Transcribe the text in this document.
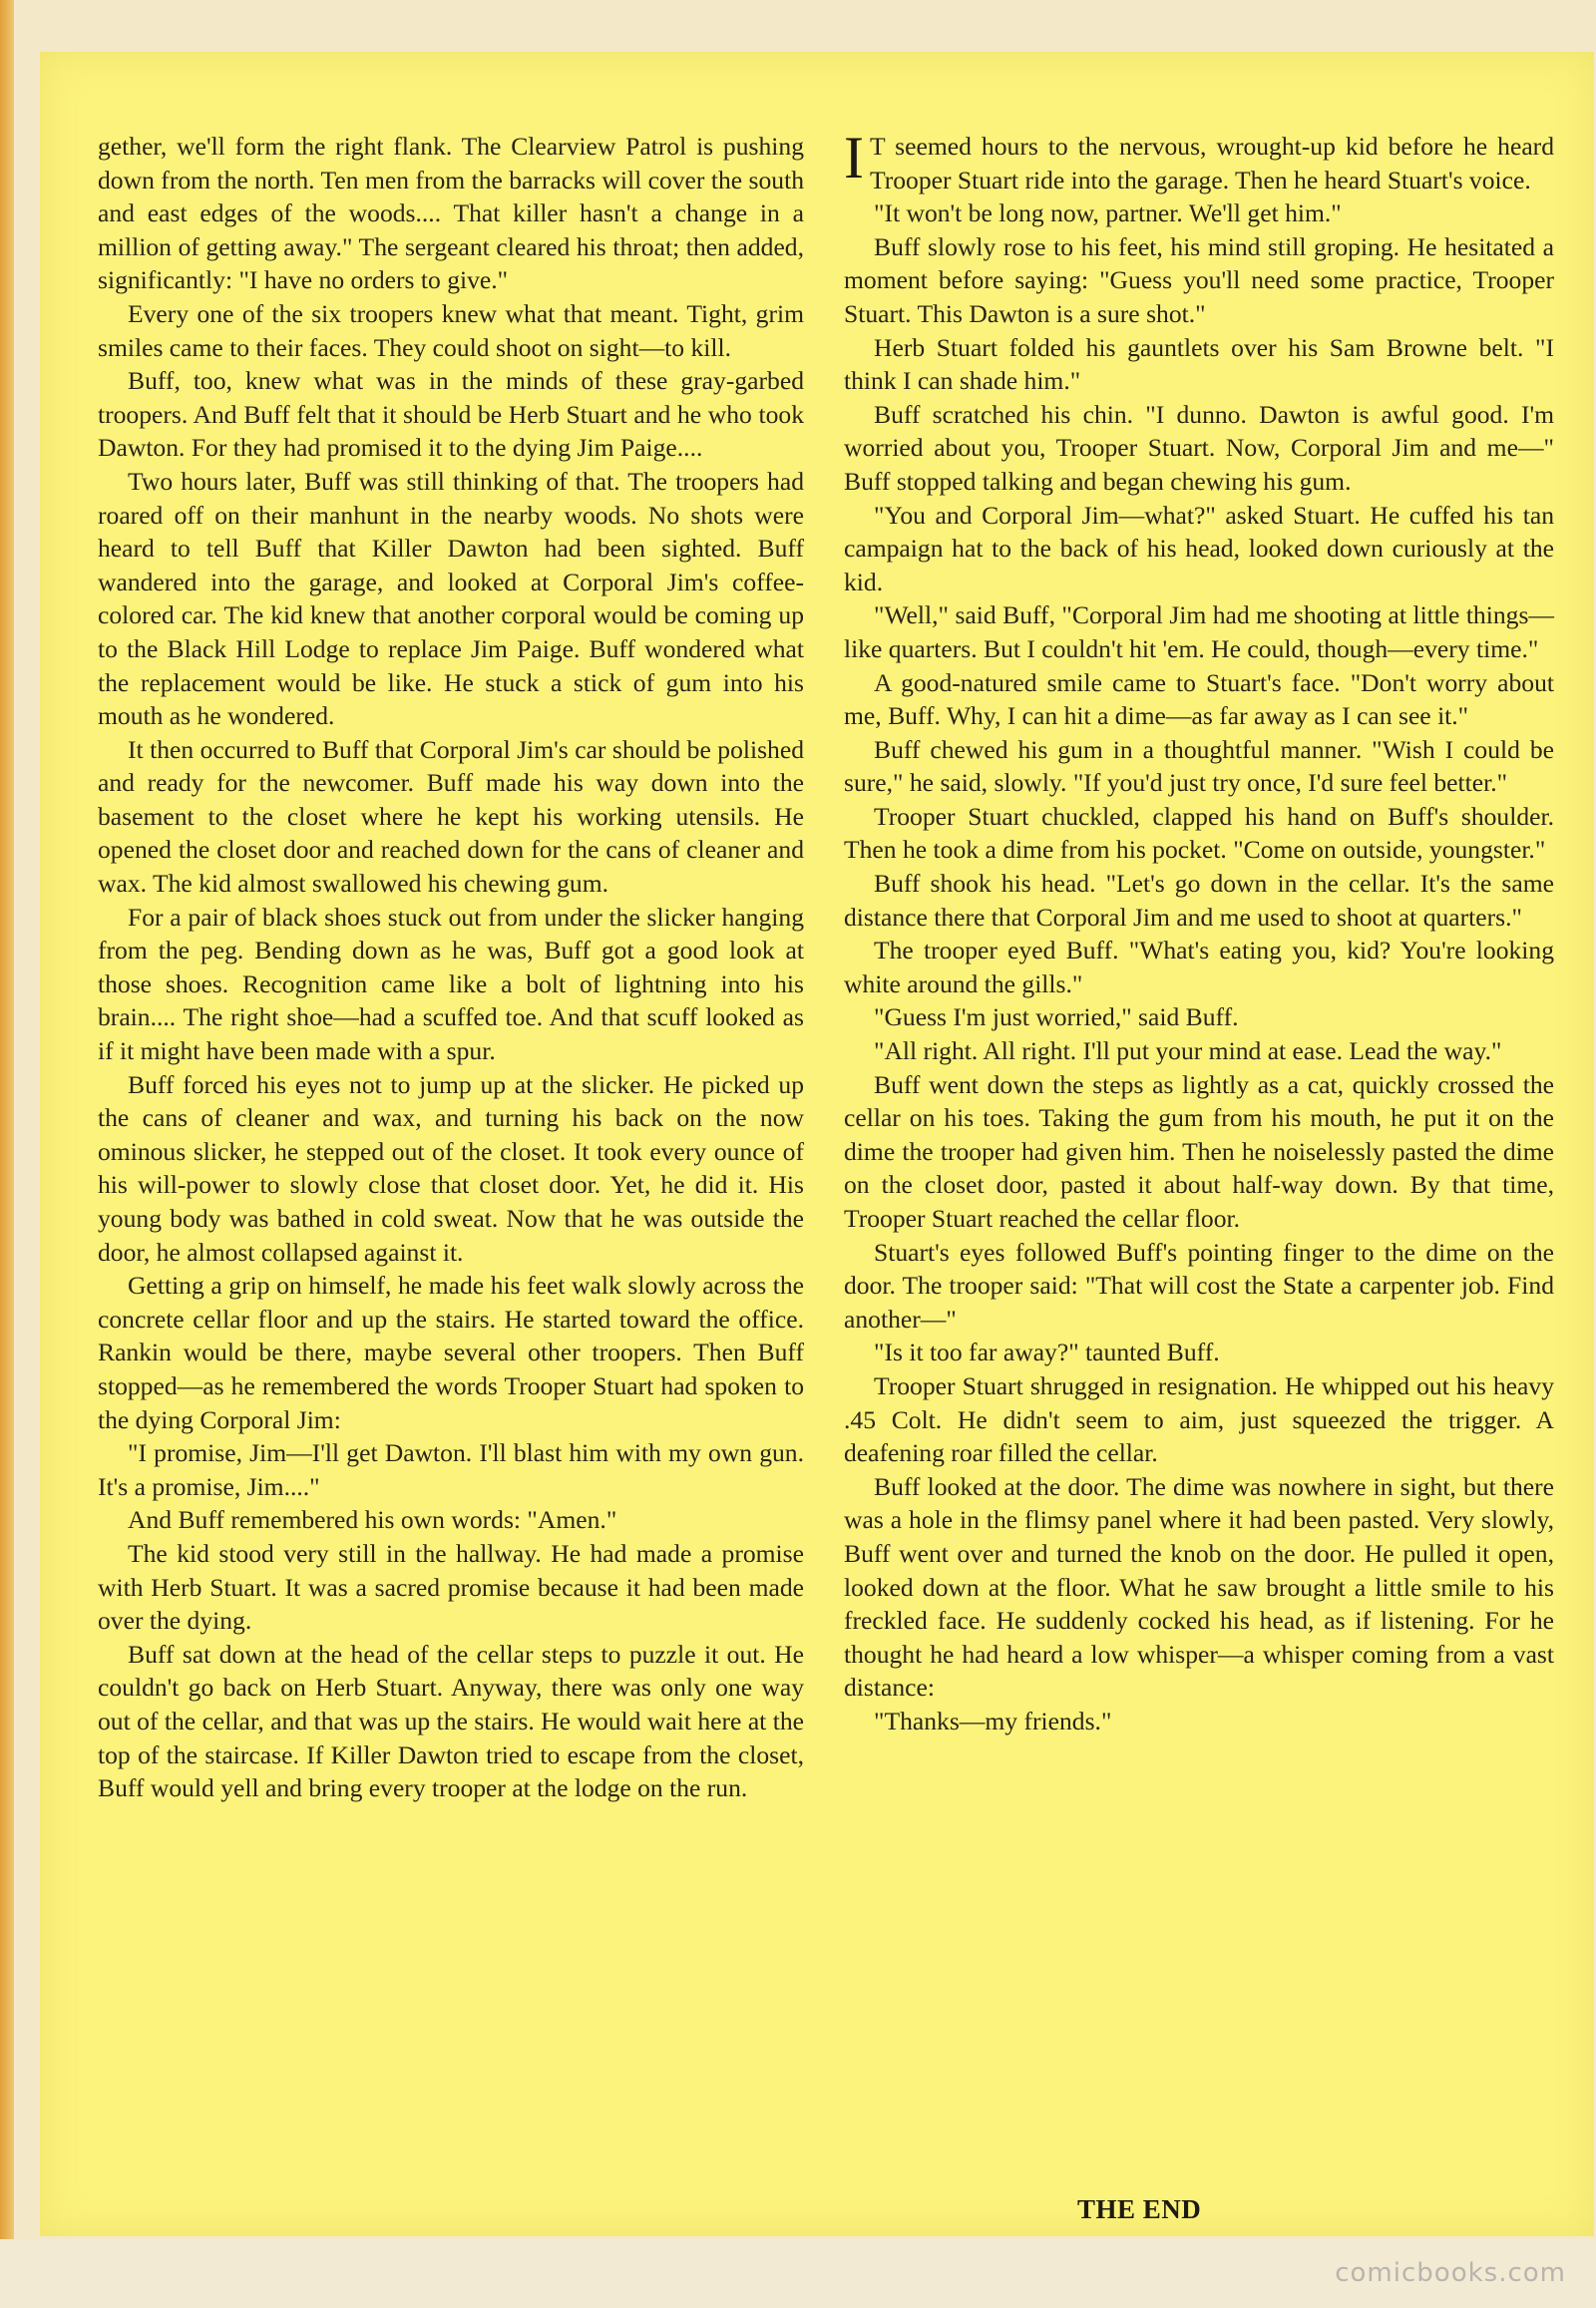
gether, we'll form the right flank. The Clearview Patrol is pushing down from the north. Ten men from the barracks will cover the south and east edges of the woods.... That killer hasn't a change in a million of getting away." The sergeant cleared his throat; then added, significantly: "I have no orders to give."

Every one of the six troopers knew what that meant. Tight, grim smiles came to their faces. They could shoot on sight—to kill.

Buff, too, knew what was in the minds of these gray-garbed troopers. And Buff felt that it should be Herb Stuart and he who took Dawton. For they had promised it to the dying Jim Paige....

Two hours later, Buff was still thinking of that. The troopers had roared off on their manhunt in the nearby woods. No shots were heard to tell Buff that Killer Dawton had been sighted. Buff wandered into the garage, and looked at Corporal Jim's coffee-colored car. The kid knew that another corporal would be coming up to the Black Hill Lodge to replace Jim Paige. Buff wondered what the replacement would be like. He stuck a stick of gum into his mouth as he wondered.

It then occurred to Buff that Corporal Jim's car should be polished and ready for the newcomer. Buff made his way down into the basement to the closet where he kept his working utensils. He opened the closet door and reached down for the cans of cleaner and wax. The kid almost swallowed his chewing gum.

For a pair of black shoes stuck out from under the slicker hanging from the peg. Bending down as he was, Buff got a good look at those shoes. Recognition came like a bolt of lightning into his brain.... The right shoe—had a scuffed toe. And that scuff looked as if it might have been made with a spur.

Buff forced his eyes not to jump up at the slicker. He picked up the cans of cleaner and wax, and turning his back on the now ominous slicker, he stepped out of the closet. It took every ounce of his will-power to slowly close that closet door. Yet, he did it. His young body was bathed in cold sweat. Now that he was outside the door, he almost collapsed against it.

Getting a grip on himself, he made his feet walk slowly across the concrete cellar floor and up the stairs. He started toward the office. Rankin would be there, maybe several other troopers. Then Buff stopped—as he remembered the words Trooper Stuart had spoken to the dying Corporal Jim:

"I promise, Jim—I'll get Dawton. I'll blast him with my own gun. It's a promise, Jim...."

And Buff remembered his own words: "Amen."

The kid stood very still in the hallway. He had made a promise with Herb Stuart. It was a sacred promise because it had been made over the dying.

Buff sat down at the head of the cellar steps to puzzle it out. He couldn't go back on Herb Stuart. Anyway, there was only one way out of the cellar, and that was up the stairs. He would wait here at the top of the staircase. If Killer Dawton tried to escape from the closet, Buff would yell and bring every trooper at the lodge on the run.

I T seemed hours to the nervous, wrought-up kid before he heard Trooper Stuart ride into the garage. Then he heard Stuart's voice.

"It won't be long now, partner. We'll get him."

Buff slowly rose to his feet, his mind still groping. He hesitated a moment before saying: "Guess you'll need some practice, Trooper Stuart. This Dawton is a sure shot."

Herb Stuart folded his gauntlets over his Sam Browne belt. "I think I can shade him."

Buff scratched his chin. "I dunno. Dawton is awful good. I'm worried about you, Trooper Stuart. Now, Corporal Jim and me—" Buff stopped talking and began chewing his gum.

"You and Corporal Jim—what?" asked Stuart. He cuffed his tan campaign hat to the back of his head, looked down curiously at the kid.

"Well," said Buff, "Corporal Jim had me shooting at little things—like quarters. But I couldn't hit 'em. He could, though—every time."

A good-natured smile came to Stuart's face. "Don't worry about me, Buff. Why, I can hit a dime—as far away as I can see it."

Buff chewed his gum in a thoughtful manner. "Wish I could be sure," he said, slowly. "If you'd just try once, I'd sure feel better."

Trooper Stuart chuckled, clapped his hand on Buff's shoulder. Then he took a dime from his pocket. "Come on outside, youngster."

Buff shook his head. "Let's go down in the cellar. It's the same distance there that Corporal Jim and me used to shoot at quarters."

The trooper eyed Buff. "What's eating you, kid? You're looking white around the gills."

"Guess I'm just worried," said Buff.

"All right. All right. I'll put your mind at ease. Lead the way."

Buff went down the steps as lightly as a cat, quickly crossed the cellar on his toes. Taking the gum from his mouth, he put it on the dime the trooper had given him. Then he noiselessly pasted the dime on the closet door, pasted it about half-way down. By that time, Trooper Stuart reached the cellar floor.

Stuart's eyes followed Buff's pointing finger to the dime on the door. The trooper said: "That will cost the State a carpenter job. Find another—"

"Is it too far away?" taunted Buff.

Trooper Stuart shrugged in resignation. He whipped out his heavy .45 Colt. He didn't seem to aim, just squeezed the trigger. A deafening roar filled the cellar.

Buff looked at the door. The dime was nowhere in sight, but there was a hole in the flimsy panel where it had been pasted. Very slowly, Buff went over and turned the knob on the door. He pulled it open, looked down at the floor. What he saw brought a little smile to his freckled face. He suddenly cocked his head, as if listening. For he thought he had heard a low whisper—a whisper coming from a vast distance:

"Thanks—my friends."

THE END
comicbooks.com
